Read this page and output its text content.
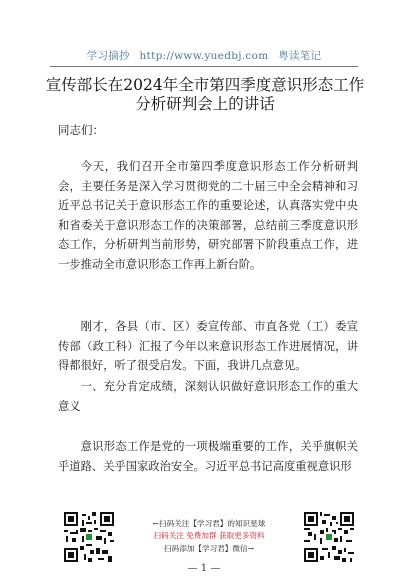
学习摘抄 http://www.yuedbj.com 粤读笔记
宣传部长在2024年全市第四季度意识形态工作分析研判会上的讲话
同志们：

今天，我们召开全市第四季度意识形态工作分析研判会，主要任务是深入学习贯彻党的二十届三中全会精神和习近平总书记关于意识形态工作的重要论述，认真落实党中央和省委关于意识形态工作的决策部署，总结前三季度意识形态工作，分析研判当前形势，研究部署下阶段重点工作，进一步推动全市意识形态工作再上新台阶。

刚才，各县（市、区）委宣传部、市直各党（工）委宣传部（政工科）汇报了今年以来意识形态工作进展情况，讲得都很好，听了很受启发。下面，我讲几点意见。

一、充分肯定成绩，深刻认识做好意识形态工作的重大意义

意识形态工作是党的一项极端重要的工作，关乎旗帜关乎道路、关乎国家政治安全。习近平总书记高度重视意识形

←扫码关注【学习君】的知识星球
扫码关注 免费加群 获取更多资料
扫码添加【学习君】微信→
— 1 —
